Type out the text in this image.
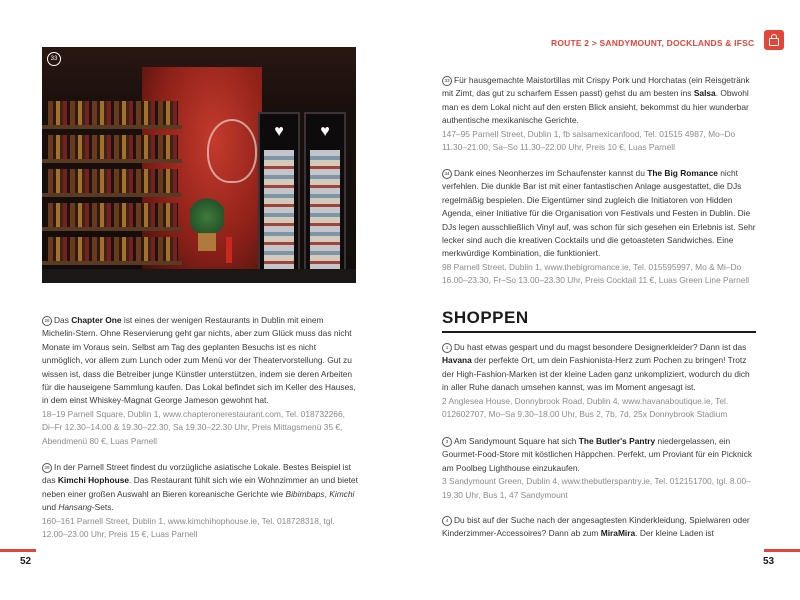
♥	♥
33

26 Das Chapter One ist eines der wenigen Restaurants in Dublin mit einem Michelin-Stern. Ohne Reservierung geht gar nichts, aber zum Glück muss das nicht Monate im Voraus sein. Selbst am Tag des geplanten Besuchs ist es nicht unmöglich, vor allem zum Lunch oder zum Menü vor der Theatervorstellung. Gut zu wissen ist, dass die Betreiber junge Künstler unterstützen, indem sie deren Arbeiten für die hauseigene Sammlung kaufen. Das Lokal befindet sich im Keller des Hauses, in dem einst Whiskey-Magnat George Jameson gewohnt hat.

18–19 Parnell Square, Dublin 1, www.chapteronerestaurant.com, Tel. 018732266, Di–Fr 12.30–14.00 & 19.30–22.30, Sa 19.30–22.30 Uhr, Preis Mittagsmenü 35 €, Abendmenü 80 €, Luas Parnell

29 In der Parnell Street findest du vorzügliche asiatische Lokale. Bestes Beispiel ist das Kimchi Hophouse. Das Restaurant fühlt sich wie ein Wohnzimmer an und bietet neben einer großen Auswahl an Bieren koreanische Gerichte wie Bibimbaps, Kimchi und Hansang-Sets.

160–161 Parnell Street, Dublin 1, www.kimchihophouse.ie, Tel. 018728318, tgl. 12.00–23.00 Uhr, Preis 15 €, Luas Parnell

52
ROUTE 2 > SANDYMOUNT, DOCKLANDS & IFSC

33 Für hausgemachte Maistortillas mit Crispy Pork und Horchatas (ein Reisgetränk mit Zimt, das gut zu scharfem Essen passt) gehst du am besten ins Salsa. Obwohl man es dem Lokal nicht auf den ersten Blick ansieht, bekommst du hier wunderbar authentische mexikanische Gerichte.

147–95 Parnell Street, Dublin 1, fb salsamexicanfood, Tel. 01515 4987, Mo–Do 11.30–21.00, Sa–So 11.30–22.00 Uhr, Preis 10 €, Luas Parnell

34 Dank eines Neonherzes im Schaufenster kannst du The Big Romance nicht verfehlen. Die dunkle Bar ist mit einer fantastischen Anlage ausgestattet, die DJs regelmäßig bespielen. Die Eigentümer sind zugleich die Initiatoren von Hidden Agenda, einer Initiative für die Organisation von Festivals und Festen in Dublin. Die DJs legen ausschließlich Vinyl auf, was schon für sich gesehen ein Erlebnis ist. Sehr lecker sind auch die kreativen Cocktails und die getoasteten Sandwiches. Eine merkwürdige Kombination, die funktioniert.

98 Parnell Street, Dublin 1, www.thebigromance.ie, Tel. 015595997, Mo & Mi–Do 16.00–23.30, Fr–So 13.00–23.30 Uhr, Preis Cocktail 11 €, Luas Green Line Parnell

SHOPPEN

1 Du hast etwas gespart und du magst besondere Designerkleider? Dann ist das Havana der perfekte Ort, um dein Fashionista-Herz zum Pochen zu bringen! Trotz der High-Fashion-Marken ist der kleine Laden ganz unkompliziert, wodurch du dich in aller Ruhe danach umsehen kannst, was im Moment angesagt ist.

2 Anglesea House, Donnybrook Road, Dublin 4, www.havanaboutique.ie, Tel. 012602707, Mo–Sa 9.30–18.00 Uhr, Bus 2, 7b, 7d, 25x Donnybrook Stadium

3 Am Sandymount Square hat sich The Butler's Pantry niedergelassen, ein Gourmet-Food-Store mit köstlichen Häppchen. Perfekt, um Proviant für ein Picknick am Poolbeg Lighthouse einzukaufen.

3 Sandymount Green, Dublin 4, www.thebutlerspantry.ie, Tel. 012151700, tgl. 8.00–19.30 Uhr, Bus 1, 47 Sandymount

4 Du bist auf der Suche nach der angesagtesten Kinderkleidung, Spielwaren oder Kinderzimmer-Accessoires? Dann ab zum MiraMira. Der kleine Laden ist

53
